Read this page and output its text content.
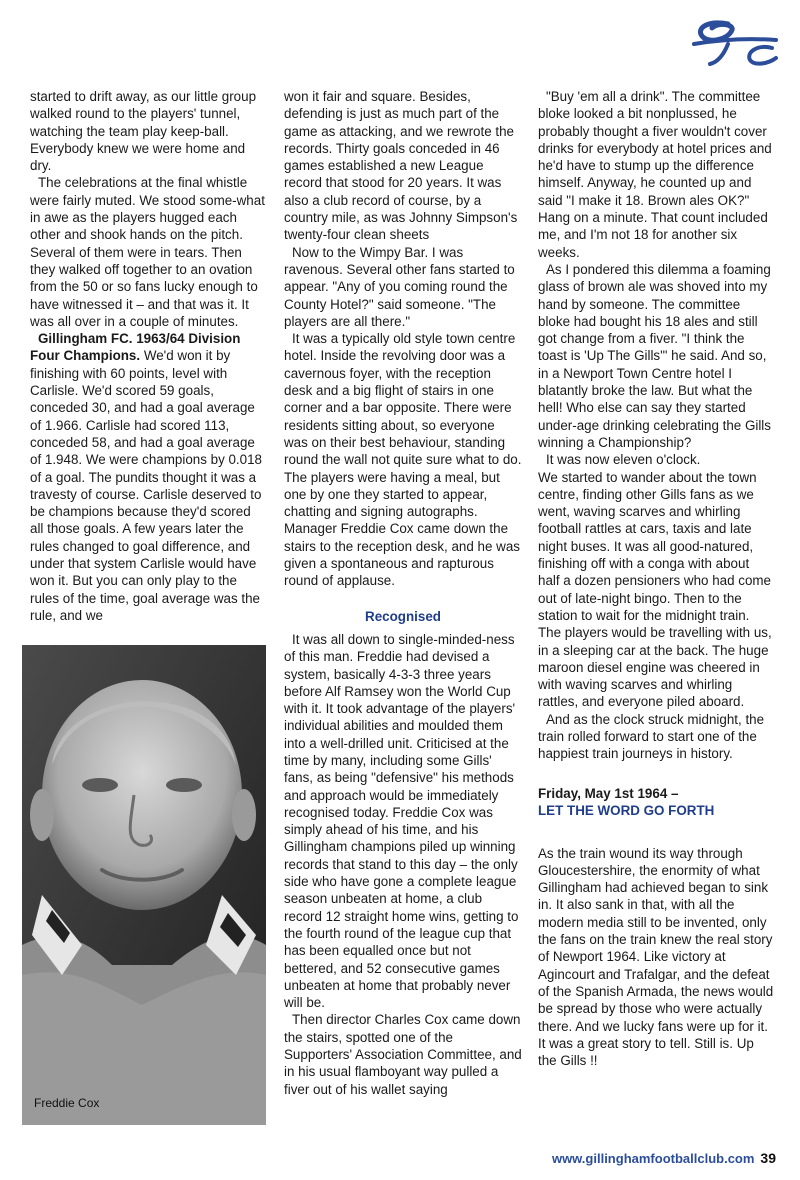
started to drift away, as our little group walked round to the players' tunnel, watching the team play keep-ball. Everybody knew we were home and dry.

The celebrations at the final whistle were fairly muted. We stood some-what in awe as the players hugged each other and shook hands on the pitch. Several of them were in tears. Then they walked off together to an ovation from the 50 or so fans lucky enough to have witnessed it – and that was it. It was all over in a couple of minutes.

Gillingham FC. 1963/64 Division Four Champions. We'd won it by finishing with 60 points, level with Carlisle. We'd scored 59 goals, conceded 30, and had a goal average of 1.966. Carlisle had scored 113, conceded 58, and had a goal average of 1.948. We were champions by 0.018 of a goal. The pundits thought it was a travesty of course. Carlisle deserved to be champions because they'd scored all those goals. A few years later the rules changed to goal difference, and under that system Carlisle would have won it. But you can only play to the rules of the time, goal average was the rule, and we

Freddie Cox

won it fair and square. Besides, defending is just as much part of the game as attacking, and we rewrote the records. Thirty goals conceded in 46 games established a new League record that stood for 20 years. It was also a club record of course, by a country mile, as was Johnny Simpson's twenty-four clean sheets

Now to the Wimpy Bar. I was ravenous. Several other fans started to appear. "Any of you coming round the County Hotel?" said someone. "The players are all there."

It was a typically old style town centre hotel. Inside the revolving door was a cavernous foyer, with the reception desk and a big flight of stairs in one corner and a bar opposite. There were residents sitting about, so everyone was on their best behaviour, standing round the wall not quite sure what to do. The players were having a meal, but one by one they started to appear, chatting and signing autographs. Manager Freddie Cox came down the stairs to the reception desk, and he was given a spontaneous and rapturous round of applause.

Recognised

It was all down to single-minded-ness of this man. Freddie had devised a system, basically 4-3-3 three years before Alf Ramsey won the World Cup with it. It took advantage of the players' individual abilities and moulded them into a well-drilled unit. Criticised at the time by many, including some Gills' fans, as being "defensive" his methods and approach would be immediately recognised today. Freddie Cox was simply ahead of his time, and his Gillingham champions piled up winning records that stand to this day – the only side who have gone a complete league season unbeaten at home, a club record 12 straight home wins, getting to the fourth round of the league cup that has been equalled once but not bettered, and 52 consecutive games unbeaten at home that probably never will be.

Then director Charles Cox came down the stairs, spotted one of the Supporters' Association Committee, and in his usual flamboyant way pulled a fiver out of his wallet saying

"Buy 'em all a drink". The committee bloke looked a bit nonplussed, he probably thought a fiver wouldn't cover drinks for everybody at hotel prices and he'd have to stump up the difference himself. Anyway, he counted up and said "I make it 18. Brown ales OK?" Hang on a minute. That count included me, and I'm not 18 for another six weeks.

As I pondered this dilemma a foaming glass of brown ale was shoved into my hand by someone. The committee bloke had bought his 18 ales and still got change from a fiver. "I think the toast is 'Up The Gills'" he said. And so, in a Newport Town Centre hotel I blatantly broke the law. But what the hell! Who else can say they started under-age drinking celebrating the Gills winning a Championship?

It was now eleven o'clock.

We started to wander about the town centre, finding other Gills fans as we went, waving scarves and whirling football rattles at cars, taxis and late night buses. It was all good-natured, finishing off with a conga with about half a dozen pensioners who had come out of late-night bingo. Then to the station to wait for the midnight train. The players would be travelling with us, in a sleeping car at the back. The huge maroon diesel engine was cheered in with waving scarves and whirling rattles, and everyone piled aboard.

And as the clock struck midnight, the train rolled forward to start one of the happiest train journeys in history.

Friday, May 1st 1964 –
LET THE WORD GO FORTH

As the train wound its way through Gloucestershire, the enormity of what Gillingham had achieved began to sink in. It also sank in that, with all the modern media still to be invented, only the fans on the train knew the real story of Newport 1964. Like victory at Agincourt and Trafalgar, and the defeat of the Spanish Armada, the news would be spread by those who were actually there. And we lucky fans were up for it. It was a great story to tell. Still is. Up the Gills !!

www.gillinghamfootballclub.com 39
